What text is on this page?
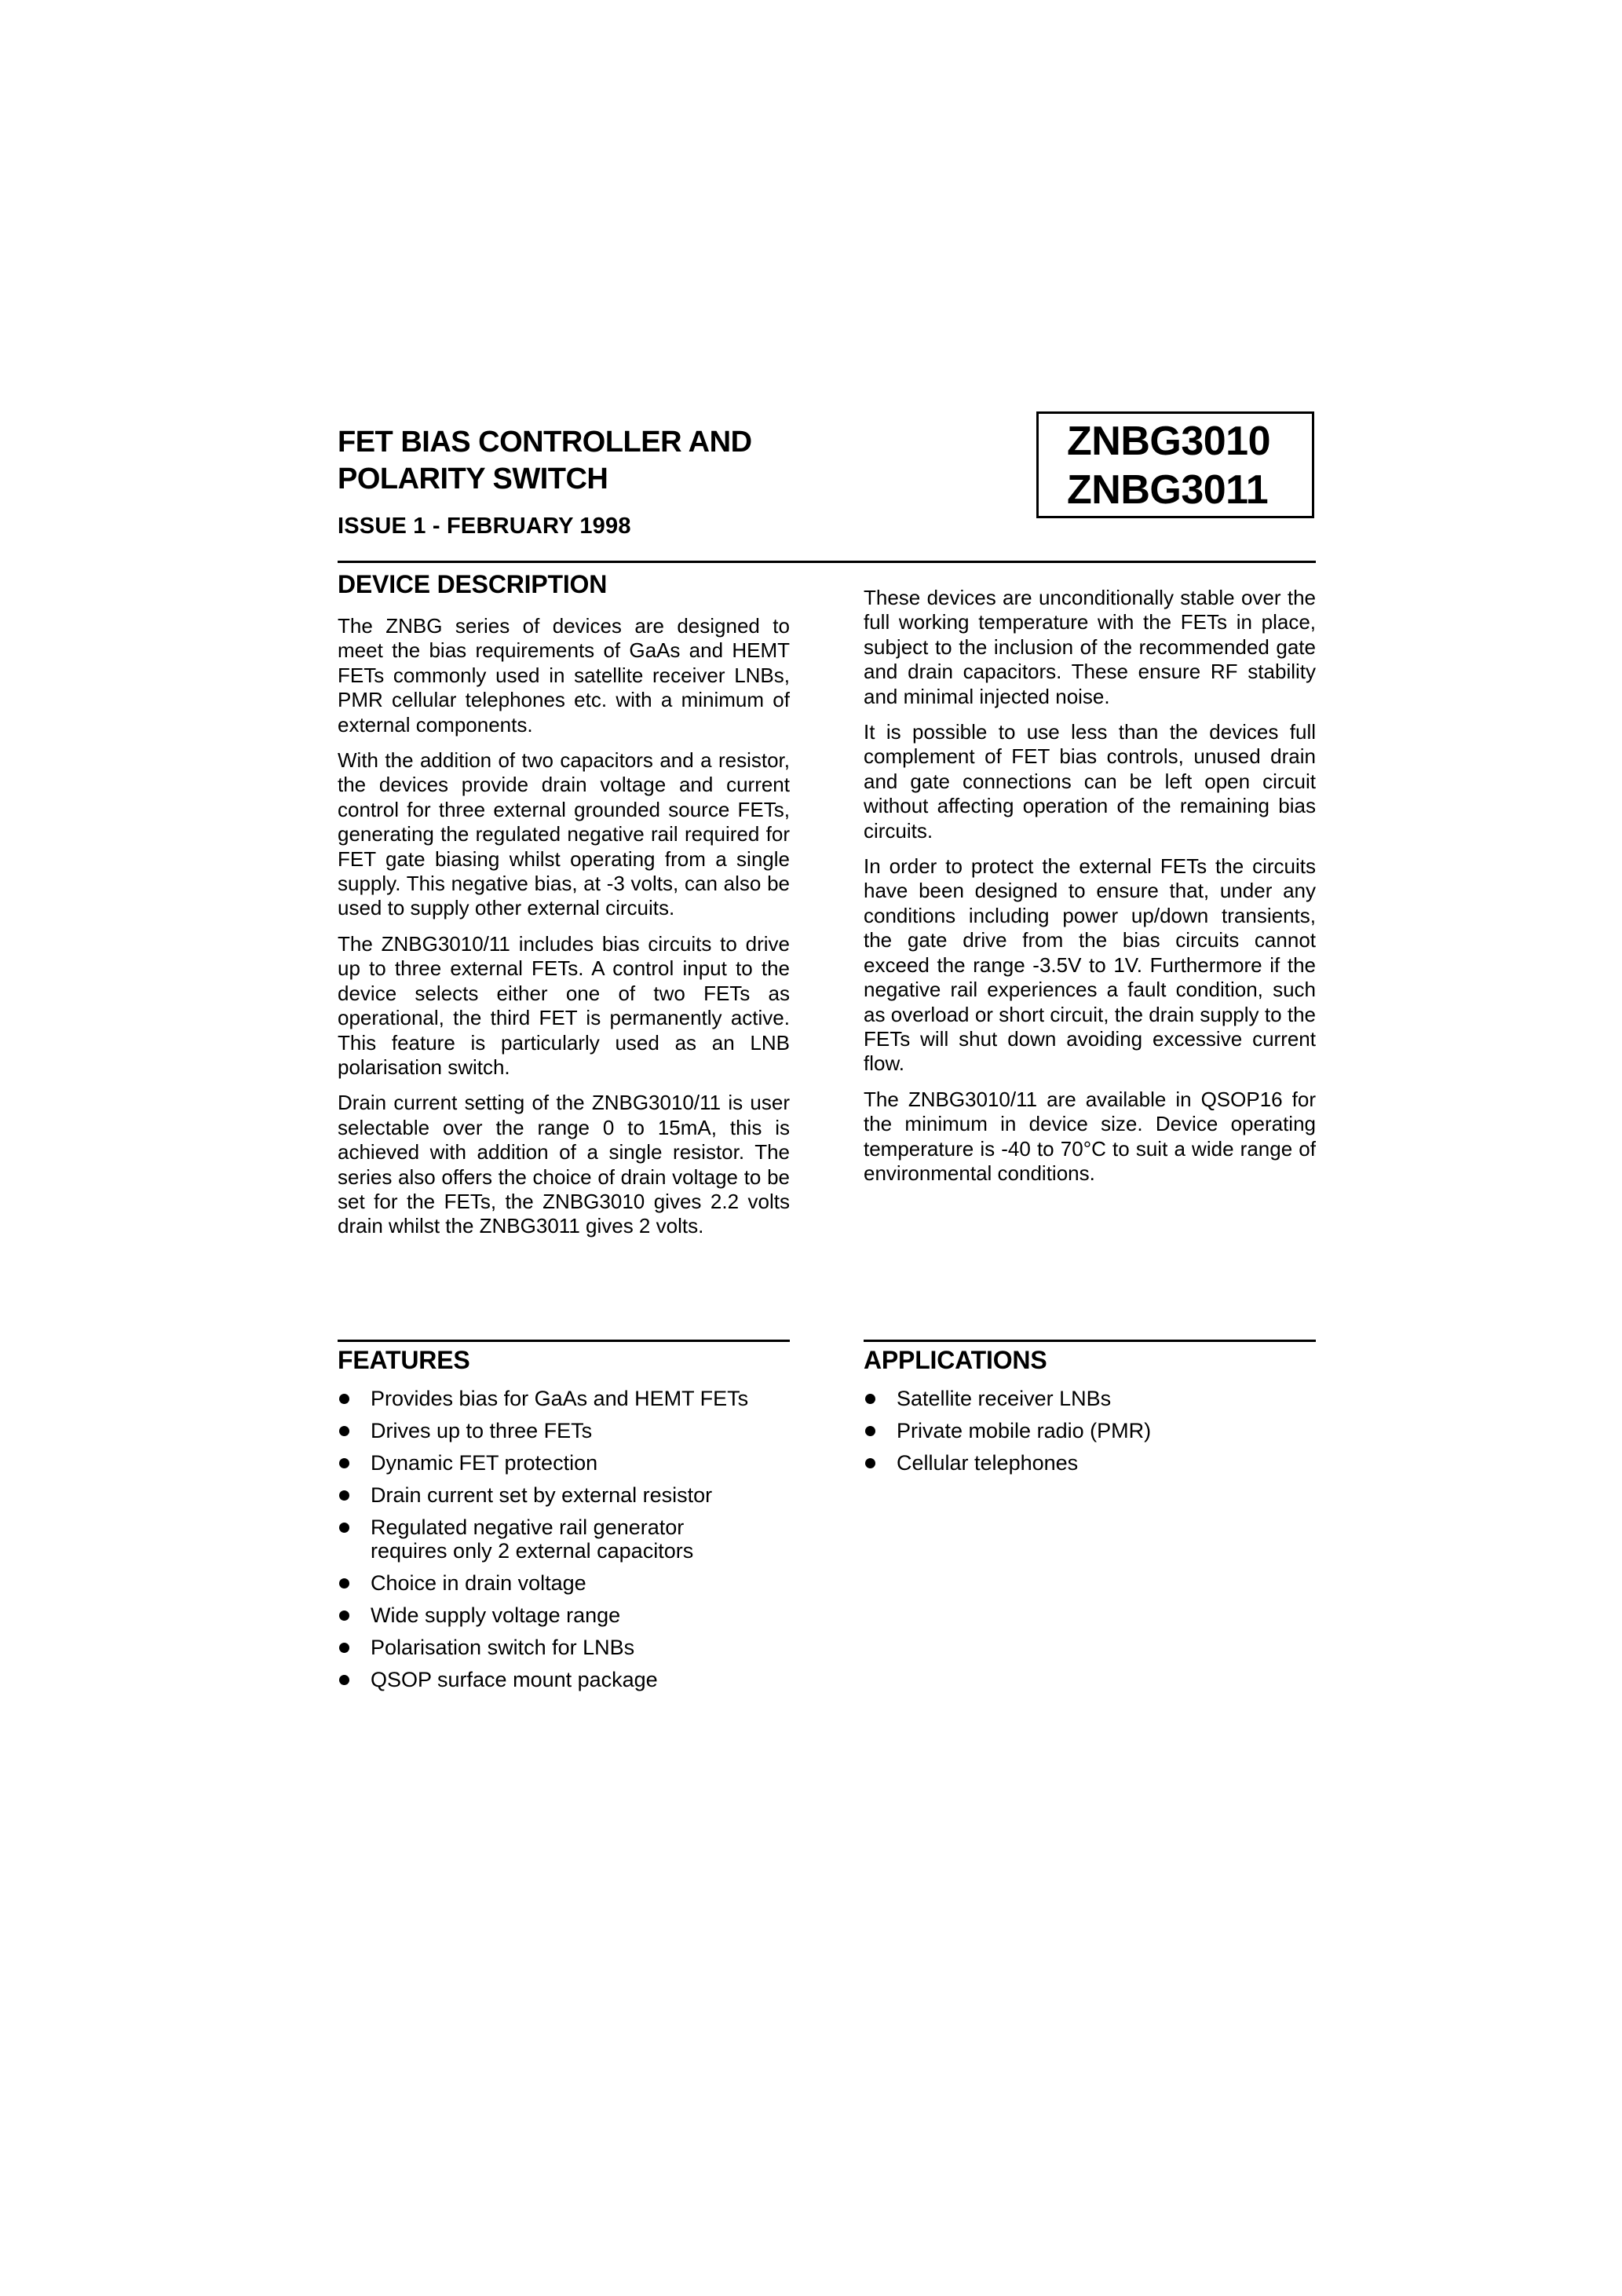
FET BIAS CONTROLLER AND
POLARITY SWITCH
ISSUE 1 - FEBRUARY 1998
ZNBG3010
ZNBG3011
DEVICE DESCRIPTION

The ZNBG series of devices are designed to meet the bias requirements of GaAs and HEMT FETs commonly used in satellite receiver LNBs, PMR cellular telephones etc. with a minimum of external components.

With the addition of two capacitors and a resistor, the devices provide drain voltage and current control for three external grounded source FETs, generating the regulated negative rail required for FET gate biasing whilst operating from a single supply. This negative bias, at -3 volts, can also be used to supply other external circuits.

The ZNBG3010/11 includes bias circuits to drive up to three external FETs. A control input to the device selects either one of two FETs as operational, the third FET is permanently active. This feature is particularly used as an LNB polarisation switch.

Drain current setting of the ZNBG3010/11 is user selectable over the range 0 to 15mA, this is achieved with addition of a single resistor. The series also offers the choice of drain voltage to be set for the FETs, the ZNBG3010 gives 2.2 volts drain whilst the ZNBG3011 gives 2 volts.

These devices are unconditionally stable over the full working temperature with the FETs in place, subject to the inclusion of the recommended gate and drain capacitors. These ensure RF stability and minimal injected noise.

It is possible to use less than the devices full complement of FET bias controls, unused drain and gate connections can be left open circuit without affecting operation of the remaining bias circuits.

In order to protect the external FETs the circuits have been designed to ensure that, under any conditions including power up/down transients, the gate drive from the bias circuits cannot exceed the range -3.5V to 1V. Furthermore if the negative rail experiences a fault condition, such as overload or short circuit, the drain supply to the FETs will shut down avoiding excessive current flow.

The ZNBG3010/11 are available in QSOP16 for the minimum in device size. Device operating temperature is -40 to 70°C to suit a wide range of environmental conditions.

FEATURES	APPLICATIONS
Provides bias for GaAs and HEMT FETs
Drives up to three FETs
Dynamic FET protection
Drain current set by external resistor
Regulated negative rail generator requires only 2 external capacitors
Choice in drain voltage
Wide supply voltage range
Polarisation switch for LNBs
QSOP surface mount package
Satellite receiver LNBs
Private mobile radio (PMR)
Cellular telephones
